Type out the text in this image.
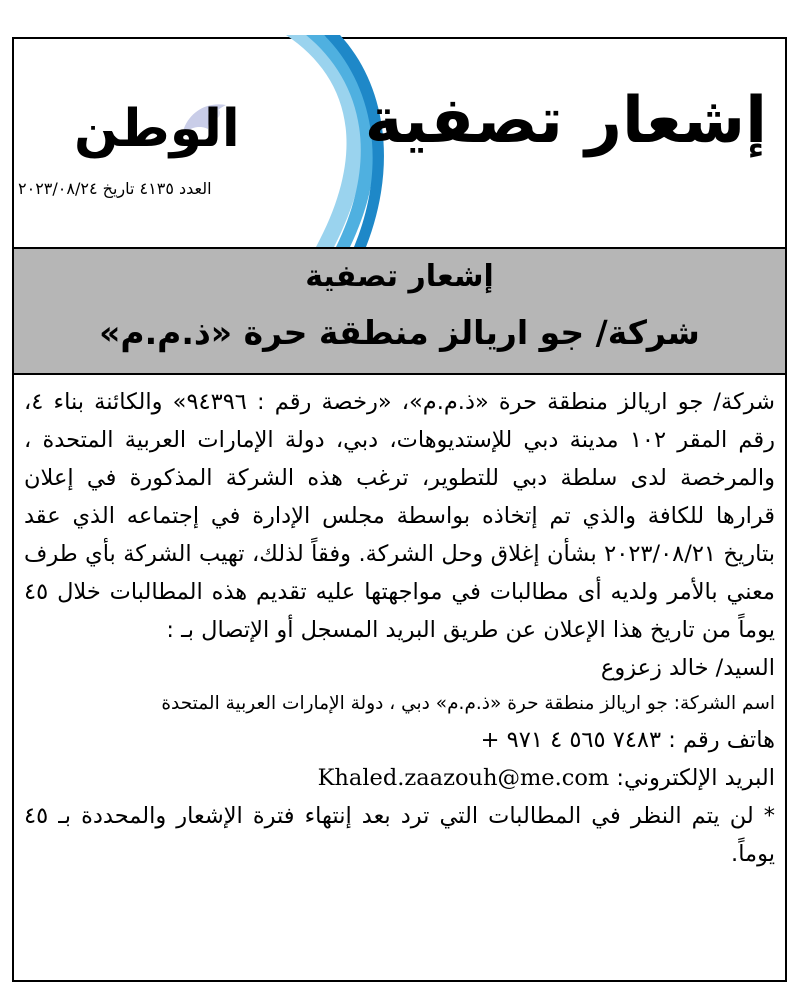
إشعار تصفية
الوطن
العدد ٤١٣٥ تاريخ ٢٠٢٣/٠٨/٢٤
إشعار تصفية
شركة/ جو اريالز منطقة حرة «ذ.م.م»

شركة/ جو اريالز منطقة حرة «ذ.م.م»، «رخصة رقم : ٩٤٣٩٦» والكائنة بناء ٤، رقم المقر ١٠٢ مدينة دبي للإستديوهات، دبي، دولة الإمارات العربية المتحدة ، والمرخصة لدى سلطة دبي للتطوير، ترغب هذه الشركة المذكورة في إعلان قرارها للكافة والذي تم إتخاذه بواسطة مجلس الإدارة في إجتماعه الذي عقد بتاريخ ٢٠٢٣/٠٨/٢١ بشأن إغلاق وحل الشركة. وفقاً لذلك، تهيب الشركة بأي طرف معني بالأمر ولديه أى مطالبات في مواجهتها عليه تقديم هذه المطالبات خلال ٤٥ يوماً من تاريخ هذا الإعلان عن طريق البريد المسجل أو الإتصال بـ :

السيد/ خالد زعزوع

اسم الشركة: جو اريالز منطقة حرة «ذ.م.م» دبي ، دولة الإمارات العربية المتحدة

هاتف رقم : ٧٤٨٣ ٥٦٥ ٤ ٩٧١ +

البريد الإلكتروني: Khaled.zaazouh@me.com

* لن يتم النظر في المطالبات التي ترد بعد إنتهاء فترة الإشعار والمحددة بـ ٤٥ يوماً.
